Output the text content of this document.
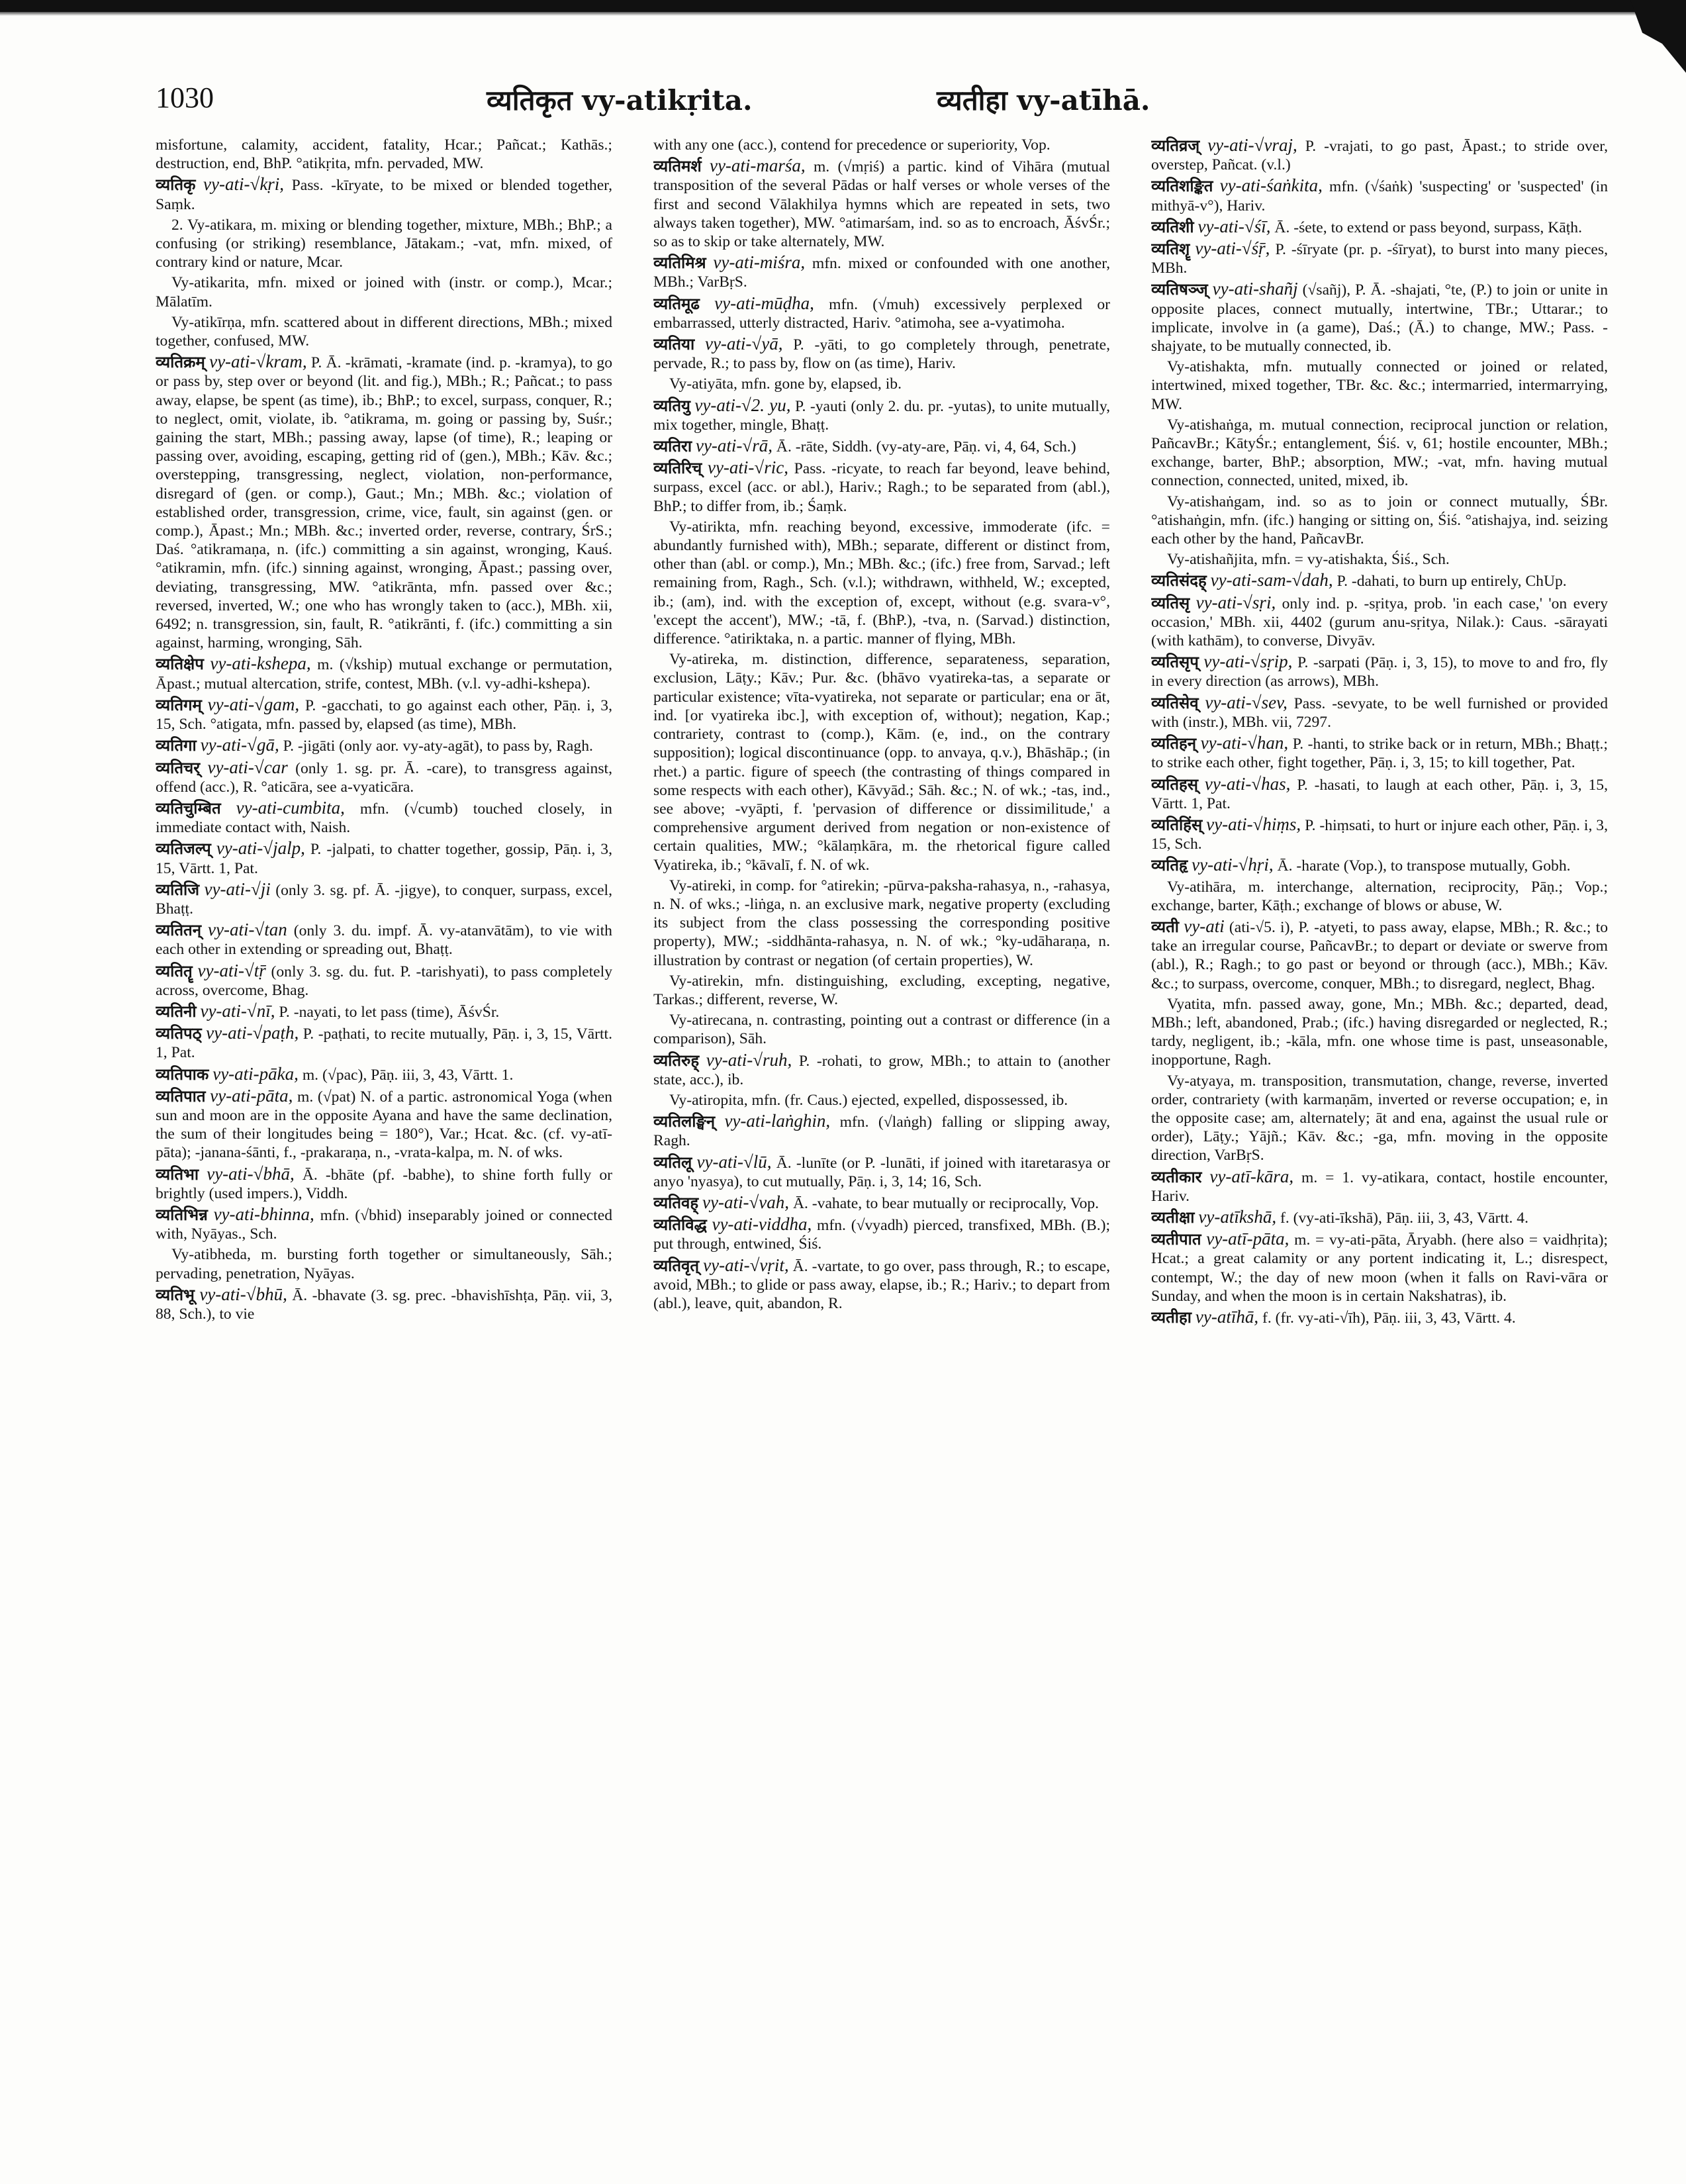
1030	व्यतिकृत vy-atikṛita.	व्यतीहा vy-atīhā.

misfortune, calamity, accident, fatality, Hcar.; Pañcat.; Kathās.; destruction, end, BhP. °atikṛita, mfn. pervaded, MW.

व्यतिकृ vy-ati-√kṛi, Pass. -kīryate, to be mixed or blended together, Saṃk.

2. Vy-atikara, m. mixing or blending together, mixture, MBh.; BhP.; a confusing (or striking) resemblance, Jātakam.; -vat, mfn. mixed, of contrary kind or nature, Mcar.

Vy-atikarita, mfn. mixed or joined with (instr. or comp.), Mcar.; Mālatīm.

Vy-atikīrṇa, mfn. scattered about in different directions, MBh.; mixed together, confused, MW.

व्यतिक्रम् vy-ati-√kram, P. Ā. -krāmati, -kramate (ind. p. -kramya), to go or pass by, step over or beyond (lit. and fig.), MBh.; R.; Pañcat.; to pass away, elapse, be spent (as time), ib.; BhP.; to excel, surpass, conquer, R.; to neglect, omit, violate, ib. °atikrama, m. going or passing by, Suśr.; gaining the start, MBh.; passing away, lapse (of time), R.; leaping or passing over, avoiding, escaping, getting rid of (gen.), MBh.; Kāv. &c.; overstepping, transgressing, neglect, violation, non-performance, disregard of (gen. or comp.), Gaut.; Mn.; MBh. &c.; violation of established order, transgression, crime, vice, fault, sin against (gen. or comp.), Āpast.; Mn.; MBh. &c.; inverted order, reverse, contrary, ŚrS.; Daś. °atikramaṇa, n. (ifc.) committing a sin against, wronging, Kauś. °atikramin, mfn. (ifc.) sinning against, wronging, Āpast.; passing over, deviating, transgressing, MW. °atikrānta, mfn. passed over &c.; reversed, inverted, W.; one who has wrongly taken to (acc.), MBh. xii, 6492; n. transgression, sin, fault, R. °atikrānti, f. (ifc.) committing a sin against, harming, wronging, Sāh.

व्यतिक्षेप vy-ati-kshepa, m. (√kship) mutual exchange or permutation, Āpast.; mutual altercation, strife, contest, MBh. (v.l. vy-adhi-kshepa).

व्यतिगम् vy-ati-√gam, P. -gacchati, to go against each other, Pāṇ. i, 3, 15, Sch. °atigata, mfn. passed by, elapsed (as time), MBh.

व्यतिगा vy-ati-√gā, P. -jigāti (only aor. vy-aty-agāt), to pass by, Ragh.

व्यतिचर् vy-ati-√car (only 1. sg. pr. Ā. -care), to transgress against, offend (acc.), R. °aticāra, see a-vyaticāra.

व्यतिचुम्बित vy-ati-cumbita, mfn. (√cumb) touched closely, in immediate contact with, Naish.

व्यतिजल्प् vy-ati-√jalp, P. -jalpati, to chatter together, gossip, Pāṇ. i, 3, 15, Vārtt. 1, Pat.

व्यतिजि vy-ati-√ji (only 3. sg. pf. Ā. -jigye), to conquer, surpass, excel, Bhaṭṭ.

व्यतितन् vy-ati-√tan (only 3. du. impf. Ā. vy-atanvātām), to vie with each other in extending or spreading out, Bhaṭṭ.

व्यतितॄ vy-ati-√tṝ (only 3. sg. du. fut. P. -tarishyati), to pass completely across, overcome, Bhag.

व्यतिनी vy-ati-√nī, P. -nayati, to let pass (time), ĀśvŚr.

व्यतिपठ् vy-ati-√paṭh, P. -paṭhati, to recite mutually, Pāṇ. i, 3, 15, Vārtt. 1, Pat.

व्यतिपाक vy-ati-pāka, m. (√pac), Pāṇ. iii, 3, 43, Vārtt. 1.

व्यतिपात vy-ati-pāta, m. (√pat) N. of a partic. astronomical Yoga (when sun and moon are in the opposite Ayana and have the same declination, the sum of their longitudes being = 180°), Var.; Hcat. &c. (cf. vy-atī-pāta); -janana-śānti, f., -prakaraṇa, n., -vrata-kalpa, m. N. of wks.

व्यतिभा vy-ati-√bhā, Ā. -bhāte (pf. -babhe), to shine forth fully or brightly (used impers.), Viddh.

व्यतिभिन्न vy-ati-bhinna, mfn. (√bhid) inseparably joined or connected with, Nyāyas., Sch.

Vy-atibheda, m. bursting forth together or simultaneously, Sāh.; pervading, penetration, Nyāyas.

व्यतिभू vy-ati-√bhū, Ā. -bhavate (3. sg. prec. -bhavishīshṭa, Pāṇ. vii, 3, 88, Sch.), to vie

with any one (acc.), contend for precedence or superiority, Vop.

व्यतिमर्श vy-ati-marśa, m. (√mṛiś) a partic. kind of Vihāra (mutual transposition of the several Pādas or half verses or whole verses of the first and second Vālakhilya hymns which are repeated in sets, two always taken together), MW. °atimarśam, ind. so as to encroach, ĀśvŚr.; so as to skip or take alternately, MW.

व्यतिमिश्र vy-ati-miśra, mfn. mixed or confounded with one another, MBh.; VarBṛS.

व्यतिमूढ vy-ati-mūḍha, mfn. (√muh) excessively perplexed or embarrassed, utterly distracted, Hariv. °atimoha, see a-vyatimoha.

व्यतिया vy-ati-√yā, P. -yāti, to go completely through, penetrate, pervade, R.; to pass by, flow on (as time), Hariv.

Vy-atiyāta, mfn. gone by, elapsed, ib.

व्यतियु vy-ati-√2. yu, P. -yauti (only 2. du. pr. -yutas), to unite mutually, mix together, mingle, Bhaṭṭ.

व्यतिरा vy-ati-√rā, Ā. -rāte, Siddh. (vy-aty-are, Pāṇ. vi, 4, 64, Sch.)

व्यतिरिच् vy-ati-√ric, Pass. -ricyate, to reach far beyond, leave behind, surpass, excel (acc. or abl.), Hariv.; Ragh.; to be separated from (abl.), BhP.; to differ from, ib.; Śaṃk.

Vy-atirikta, mfn. reaching beyond, excessive, immoderate (ifc. = abundantly furnished with), MBh.; separate, different or distinct from, other than (abl. or comp.), Mn.; MBh. &c.; (ifc.) free from, Sarvad.; left remaining from, Ragh., Sch. (v.l.); withdrawn, withheld, W.; excepted, ib.; (am), ind. with the exception of, except, without (e.g. svara-v°, 'except the accent'), MW.; -tā, f. (BhP.), -tva, n. (Sarvad.) distinction, difference. °atiriktaka, n. a partic. manner of flying, MBh.

Vy-atireka, m. distinction, difference, separateness, separation, exclusion, Lāṭy.; Kāv.; Pur. &c. (bhāvo vyatireka-tas, a separate or particular existence; vīta-vyatireka, not separate or particular; ena or āt, ind. [or vyatireka ibc.], with exception of, without); negation, Kap.; contrariety, contrast to (comp.), Kām. (e, ind., on the contrary supposition); logical discontinuance (opp. to anvaya, q.v.), Bhāshāp.; (in rhet.) a partic. figure of speech (the contrasting of things compared in some respects with each other), Kāvyād.; Sāh. &c.; N. of wk.; -tas, ind., see above; -vyāpti, f. 'pervasion of difference or dissimilitude,' a comprehensive argument derived from negation or non-existence of certain qualities, MW.; °kālaṃkāra, m. the rhetorical figure called Vyatireka, ib.; °kāvalī, f. N. of wk.

Vy-atireki, in comp. for °atirekin; -pūrva-paksha-rahasya, n., -rahasya, n. N. of wks.; -liṅga, n. an exclusive mark, negative property (excluding its subject from the class possessing the corresponding positive property), MW.; -siddhānta-rahasya, n. N. of wk.; °ky-udāharaṇa, n. illustration by contrast or negation (of certain properties), W.

Vy-atirekin, mfn. distinguishing, excluding, excepting, negative, Tarkas.; different, reverse, W.

Vy-atirecana, n. contrasting, pointing out a contrast or difference (in a comparison), Sāh.

व्यतिरुह् vy-ati-√ruh, P. -rohati, to grow, MBh.; to attain to (another state, acc.), ib.

Vy-atiropita, mfn. (fr. Caus.) ejected, expelled, dispossessed, ib.

व्यतिलङ्घिन् vy-ati-laṅghin, mfn. (√laṅgh) falling or slipping away, Ragh.

व्यतिलू vy-ati-√lū, Ā. -lunīte (or P. -lunāti, if joined with itaretarasya or anyo 'nyasya), to cut mutually, Pāṇ. i, 3, 14; 16, Sch.

व्यतिवह् vy-ati-√vah, Ā. -vahate, to bear mutually or reciprocally, Vop.

व्यतिविद्ध vy-ati-viddha, mfn. (√vyadh) pierced, transfixed, MBh. (B.); put through, entwined, Śiś.

व्यतिवृत् vy-ati-√vṛit, Ā. -vartate, to go over, pass through, R.; to escape, avoid, MBh.; to glide or pass away, elapse, ib.; R.; Hariv.; to depart from (abl.), leave, quit, abandon, R.

व्यतिव्रज् vy-ati-√vraj, P. -vrajati, to go past, Āpast.; to stride over, overstep, Pañcat. (v.l.)

व्यतिशङ्कित vy-ati-śaṅkita, mfn. (√śaṅk) 'suspecting' or 'suspected' (in mithyā-v°), Hariv.

व्यतिशी vy-ati-√śī, Ā. -śete, to extend or pass beyond, surpass, Kāṭh.

व्यतिशॄ vy-ati-√śṝ, P. -śīryate (pr. p. -śīryat), to burst into many pieces, MBh.

व्यतिषञ्ज् vy-ati-shañj (√sañj), P. Ā. -shajati, °te, (P.) to join or unite in opposite places, connect mutually, intertwine, TBr.; Uttarar.; to implicate, involve in (a game), Daś.; (Ā.) to change, MW.; Pass. -shajyate, to be mutually connected, ib.

Vy-atishakta, mfn. mutually connected or joined or related, intertwined, mixed together, TBr. &c. &c.; intermarried, intermarrying, MW.

Vy-atishaṅga, m. mutual connection, reciprocal junction or relation, PañcavBr.; KātyŚr.; entanglement, Śiś. v, 61; hostile encounter, MBh.; exchange, barter, BhP.; absorption, MW.; -vat, mfn. having mutual connection, connected, united, mixed, ib.

Vy-atishaṅgam, ind. so as to join or connect mutually, ŚBr. °atishaṅgin, mfn. (ifc.) hanging or sitting on, Śiś. °atishajya, ind. seizing each other by the hand, PañcavBr.

Vy-atishañjita, mfn. = vy-atishakta, Śiś., Sch.

व्यतिसंदह् vy-ati-sam-√dah, P. -dahati, to burn up entirely, ChUp.

व्यतिसृ vy-ati-√sṛi, only ind. p. -sṛitya, prob. 'in each case,' 'on every occasion,' MBh. xii, 4402 (gurum anu-sṛitya, Nilak.): Caus. -sārayati (with kathām), to converse, Divyāv.

व्यतिसृप् vy-ati-√sṛip, P. -sarpati (Pāṇ. i, 3, 15), to move to and fro, fly in every direction (as arrows), MBh.

व्यतिसेव् vy-ati-√sev, Pass. -sevyate, to be well furnished or provided with (instr.), MBh. vii, 7297.

व्यतिहन् vy-ati-√han, P. -hanti, to strike back or in return, MBh.; Bhaṭṭ.; to strike each other, fight together, Pāṇ. i, 3, 15; to kill together, Pat.

व्यतिहस् vy-ati-√has, P. -hasati, to laugh at each other, Pāṇ. i, 3, 15, Vārtt. 1, Pat.

व्यतिहिंस् vy-ati-√hiṃs, P. -hiṃsati, to hurt or injure each other, Pāṇ. i, 3, 15, Sch.

व्यतिहृ vy-ati-√hṛi, Ā. -harate (Vop.), to transpose mutually, Gobh.

Vy-atihāra, m. interchange, alternation, reciprocity, Pāṇ.; Vop.; exchange, barter, Kāṭh.; exchange of blows or abuse, W.

व्यती vy-ati (ati-√5. i), P. -atyeti, to pass away, elapse, MBh.; R. &c.; to take an irregular course, PañcavBr.; to depart or deviate or swerve from (abl.), R.; Ragh.; to go past or beyond or through (acc.), MBh.; Kāv. &c.; to surpass, overcome, conquer, MBh.; to disregard, neglect, Bhag.

Vyatita, mfn. passed away, gone, Mn.; MBh. &c.; departed, dead, MBh.; left, abandoned, Prab.; (ifc.) having disregarded or neglected, R.; tardy, negligent, ib.; -kāla, mfn. one whose time is past, unseasonable, inopportune, Ragh.

Vy-atyaya, m. transposition, transmutation, change, reverse, inverted order, contrariety (with karmaṇām, inverted or reverse occupation; e, in the opposite case; am, alternately; āt and ena, against the usual rule or order), Lāṭy.; Yājñ.; Kāv. &c.; -ga, mfn. moving in the opposite direction, VarBṛS.

व्यतीकार vy-atī-kāra, m. = 1. vy-atikara, contact, hostile encounter, Hariv.

व्यतीक्षा vy-atīkshā, f. (vy-ati-īkshā), Pāṇ. iii, 3, 43, Vārtt. 4.

व्यतीपात vy-atī-pāta, m. = vy-ati-pāta, Āryabh. (here also = vaidhṛita); Hcat.; a great calamity or any portent indicating it, L.; disrespect, contempt, W.; the day of new moon (when it falls on Ravi-vāra or Sunday, and when the moon is in certain Nakshatras), ib.

व्यतीहा vy-atīhā, f. (fr. vy-ati-√īh), Pāṇ. iii, 3, 43, Vārtt. 4.
